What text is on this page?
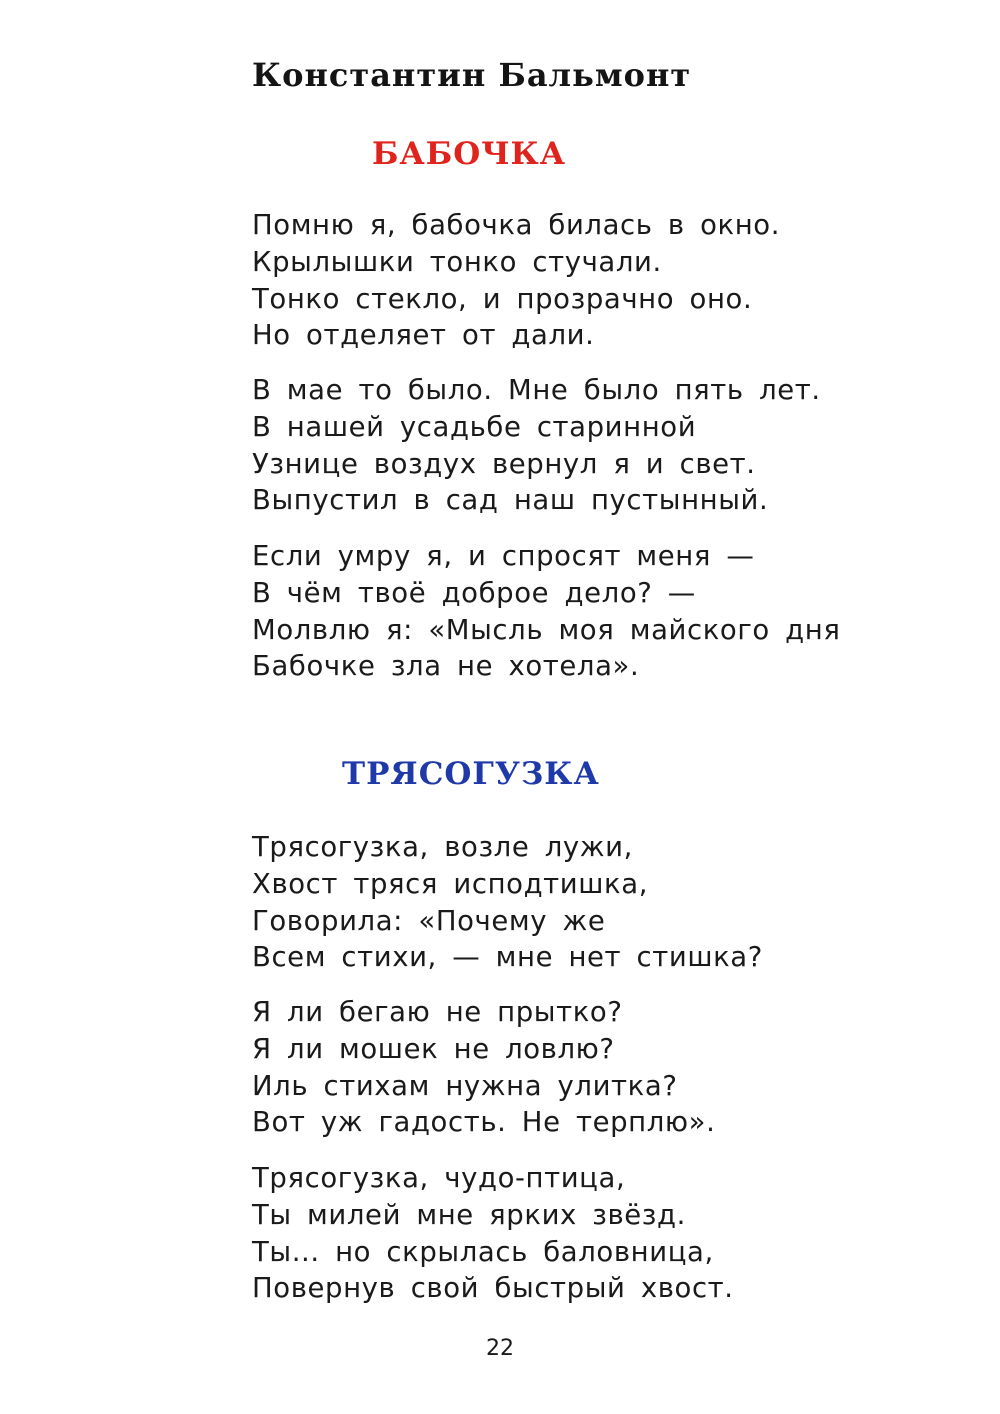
Константин Бальмонт
БАБОЧКА
Помню я, бабочка билась в окно.
Крылышки тонко стучали.
Тонко стекло, и прозрачно оно.
Но отделяет от дали.
В мае то было. Мне было пять лет.
В нашей усадьбе старинной
Узнице воздух вернул я и свет.
Выпустил в сад наш пустынный.
Если умру я, и спросят меня —
В чём твоё доброе дело? —
Молвлю я: «Мысль моя майского дня
Бабочке зла не хотела».
ТРЯСОГУЗКА
Трясогузка, возле лужи,
Хвост тряся исподтишка,
Говорила: «Почему же
Всем стихи, — мне нет стишка?
Я ли бегаю не прытко?
Я ли мошек не ловлю?
Иль стихам нужна улитка?
Вот уж гадость. Не терплю».
Трясогузка, чудо-птица,
Ты милей мне ярких звёзд.
Ты... но скрылась баловница,
Повернув свой быстрый хвост.

22
